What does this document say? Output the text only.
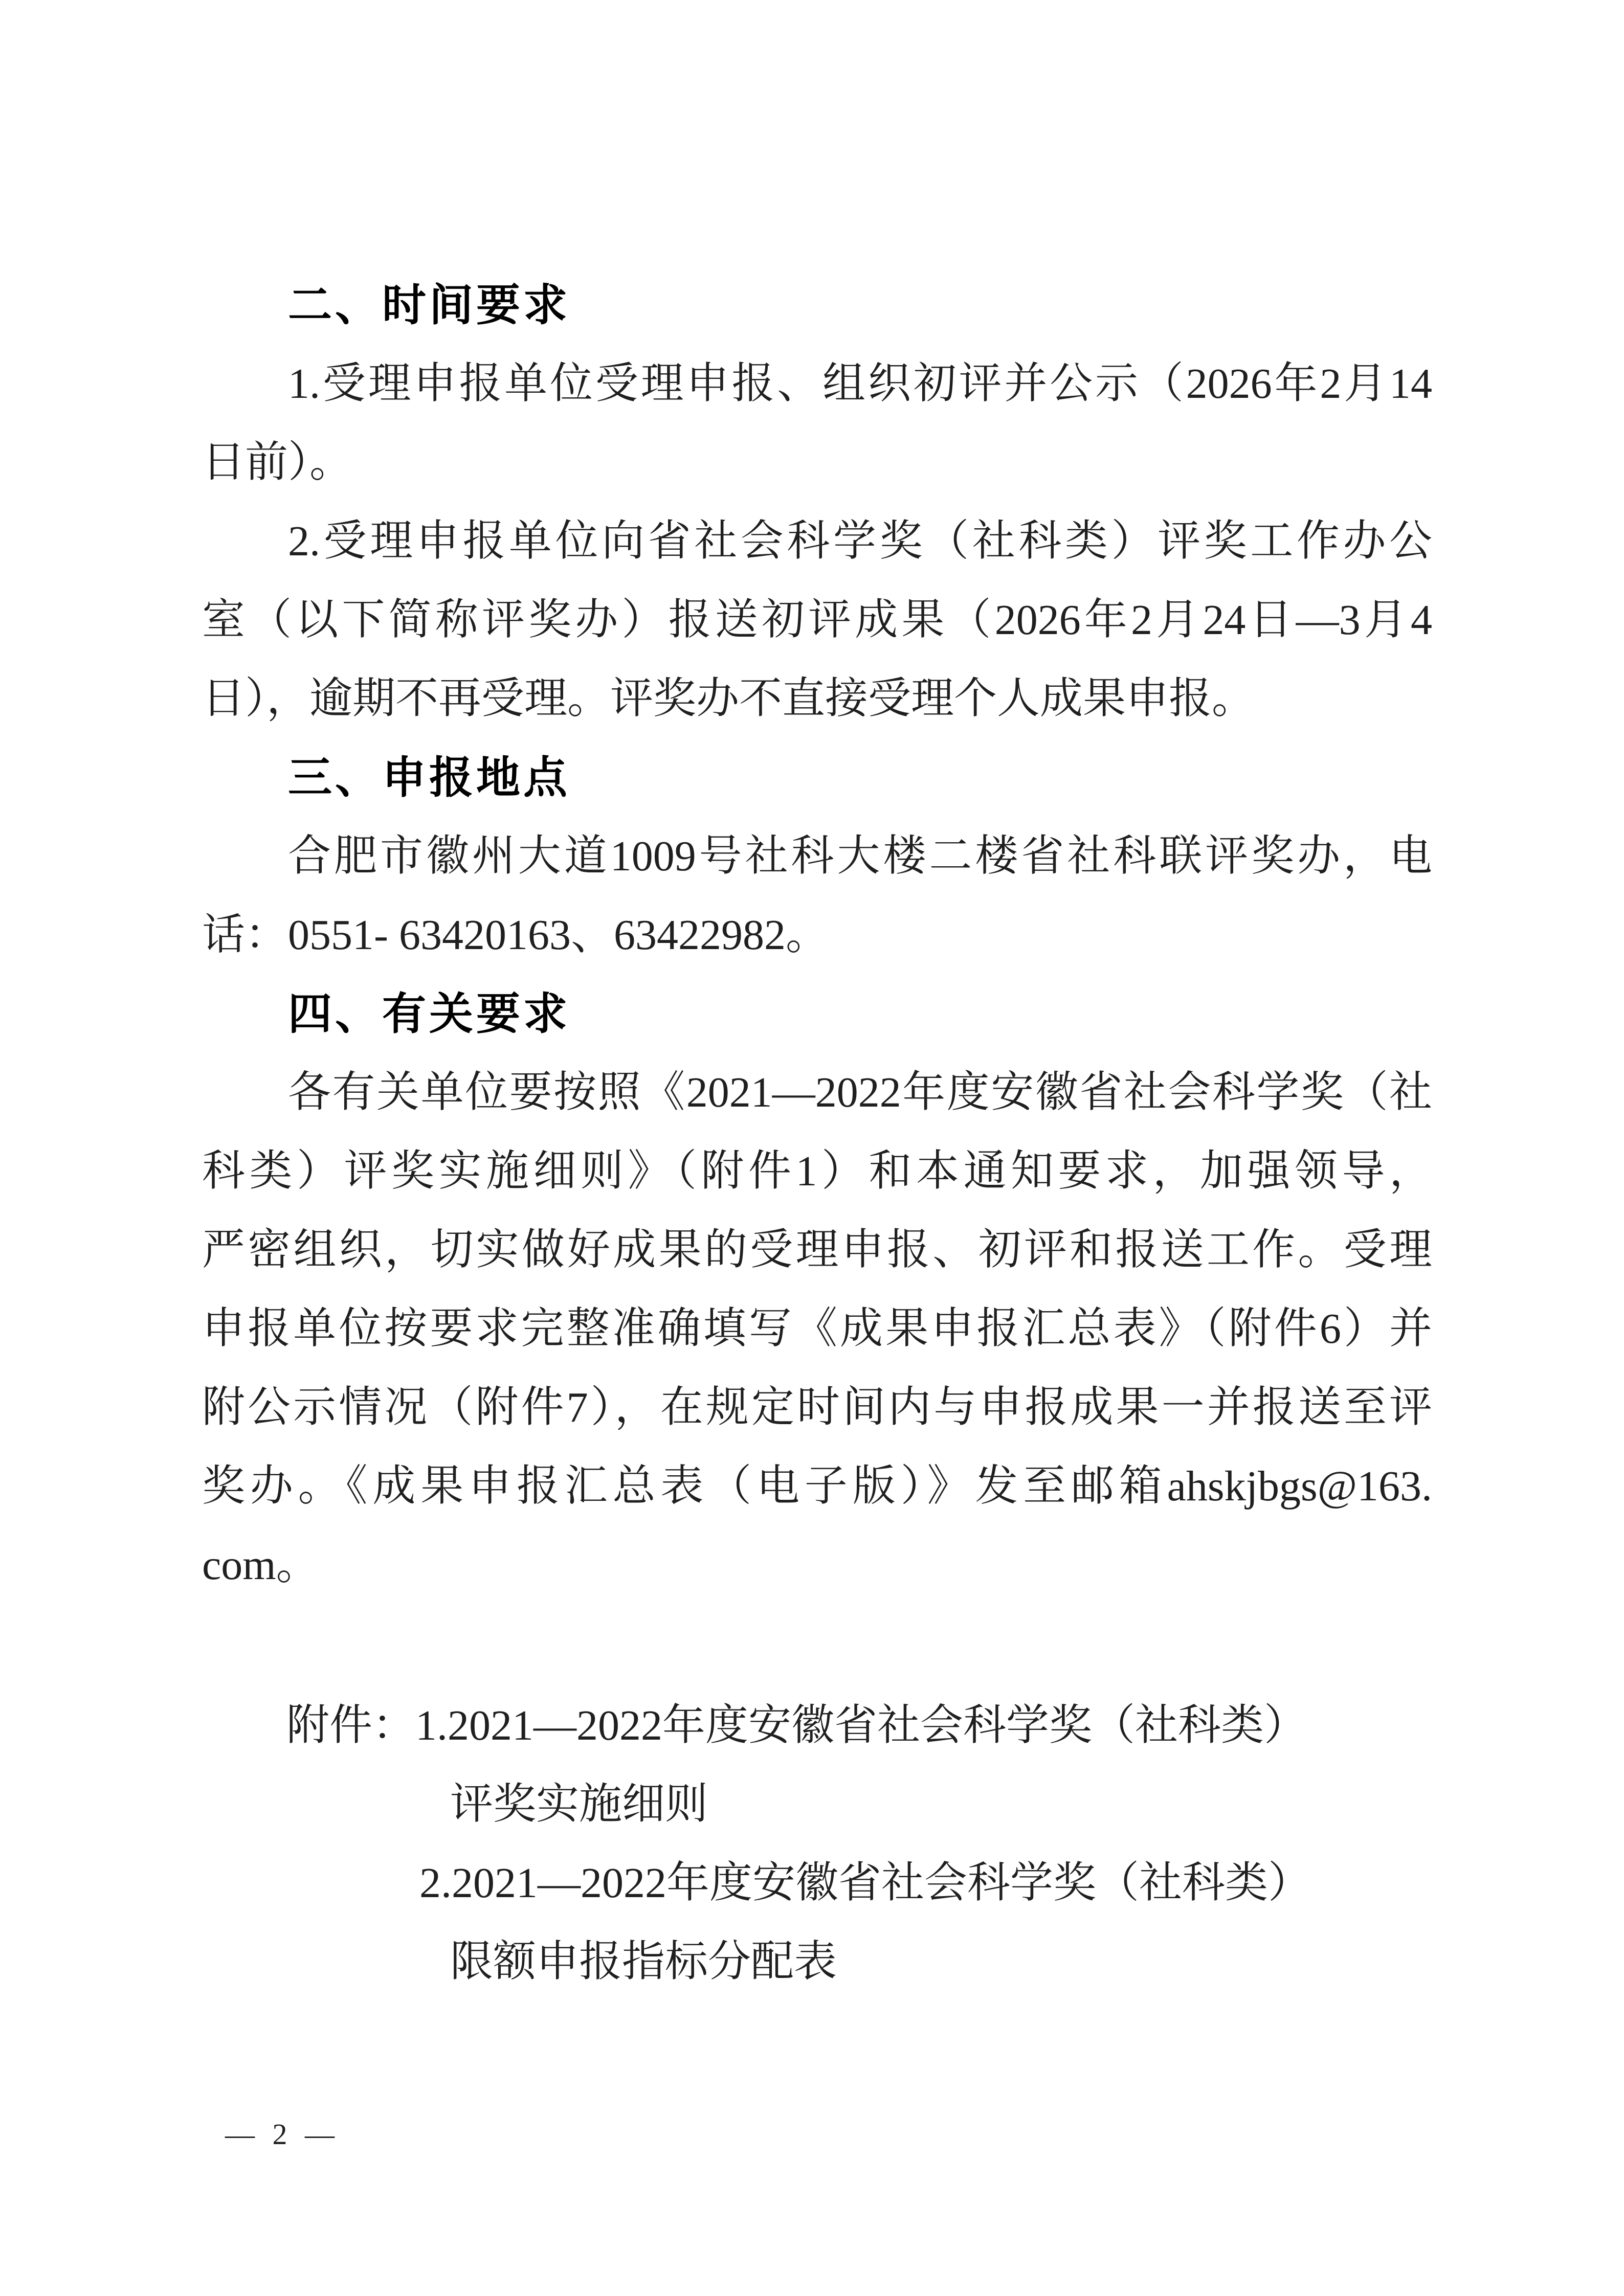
二、时间要求
1.受理申报单位受理申报、组织初评并公示（2026年2月14
日前）。
2.受理申报单位向省社会科学奖（社科类）评奖工作办公
室（以下简称评奖办）报送初评成果（2026年2月24日—3月4
日），逾期不再受理。评奖办不直接受理个人成果申报。
三、申报地点
合肥市徽州大道1009号社科大楼二楼省社科联评奖办，电
话：0551- 63420163、63422982。
四、有关要求
各有关单位要按照《2021—2022年度安徽省社会科学奖（社
科类）评奖实施细则》（附件1）和本通知要求，加强领导，
严密组织，切实做好成果的受理申报、初评和报送工作。受理
申报单位按要求完整准确填写《成果申报汇总表》（附件6）并
附公示情况（附件7），在规定时间内与申报成果一并报送至评
奖办。《成果申报汇总表（电子版）》发至邮箱ahskjbgs@163.
com。
附件：1.2021—2022年度安徽省社会科学奖（社科类）
评奖实施细则
2.2021—2022年度安徽省社会科学奖（社科类）
限额申报指标分配表
— 2 —
